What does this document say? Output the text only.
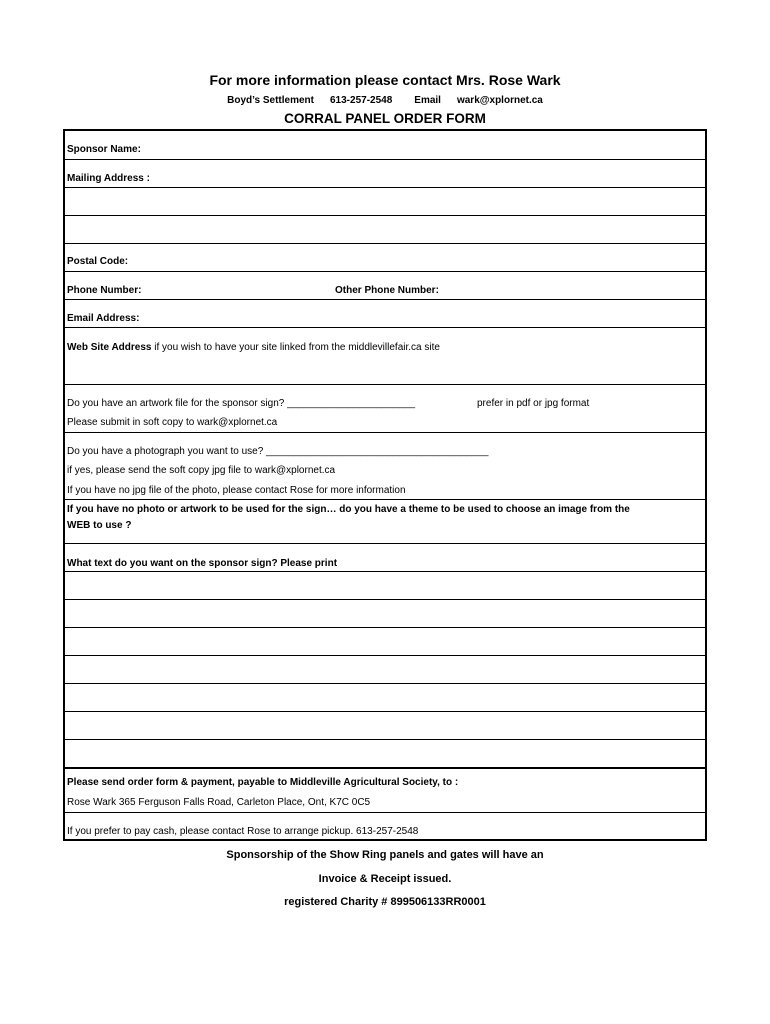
For more information please contact Mrs. Rose Wark
Boyd’s Settlement 613-257-2548 Email wark@xplornet.ca
CORRAL PANEL ORDER FORM
Sponsor Name:
Mailing Address :
Postal Code:
Phone Number:	Other Phone Number:
Email Address:
Web Site Address if you wish to have your site linked from the middlevillefair.ca site
Do you have an artwork file for the sponsor sign? _______________________	prefer in pdf or jpg format
Please submit in soft copy to wark@xplornet.ca
Do you have a photograph you want to use? ________________________________________
if yes, please send the soft copy jpg file to wark@xplornet.ca
If you have no jpg file of the photo, please contact Rose for more information
If you have no photo or artwork to be used for the sign… do you have a theme to be used to choose an image from the
WEB to use ?
What text do you want on the sponsor sign? Please print
Please send order form & payment, payable to Middleville Agricultural Society, to :
Rose Wark 365 Ferguson Falls Road, Carleton Place, Ont, K7C 0C5
If you prefer to pay cash, please contact Rose to arrange pickup. 613-257-2548
Sponsorship of the Show Ring panels and gates will have an
Invoice & Receipt issued.
registered Charity # 899506133RR0001
